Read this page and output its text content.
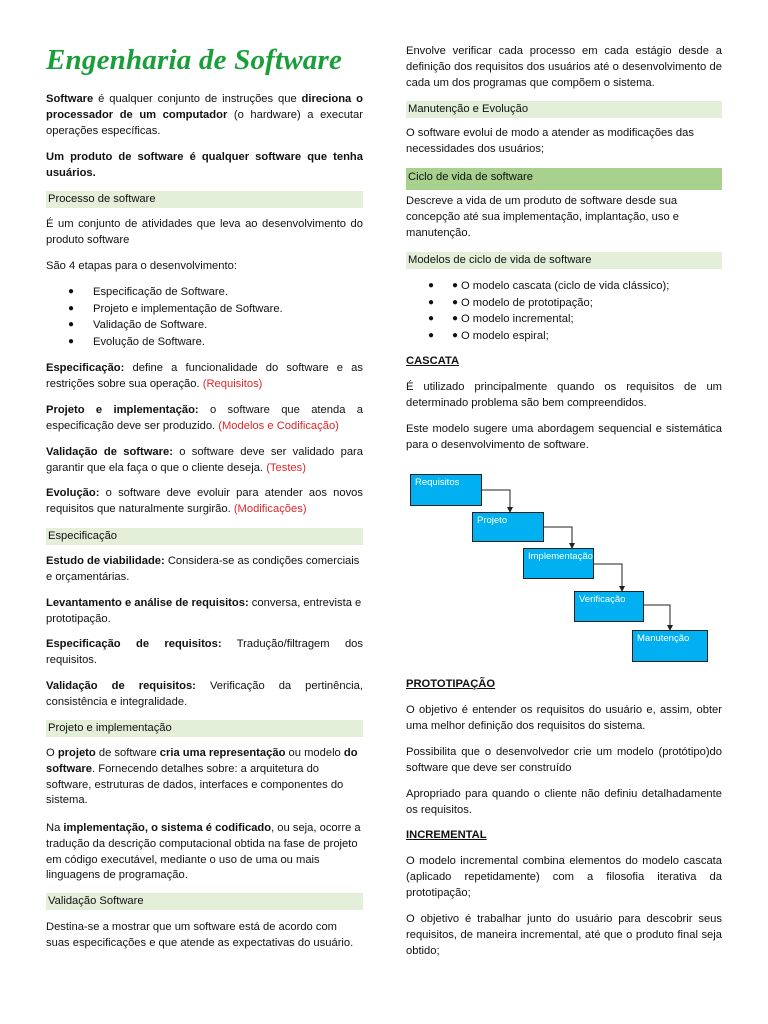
Engenharia de Software

Software é qualquer conjunto de instruções que direciona o processador de um computador (o hardware) a executar operações específicas.

Um produto de software é qualquer software que tenha usuários.

Processo de software

É um conjunto de atividades que leva ao desenvolvimento do produto software

São 4 etapas para o desenvolvimento:

● Especificação de Software.
● Projeto e implementação de Software.
● Validação de Software.
● Evolução de Software.

Especificação: define a funcionalidade do software e as restrições sobre sua operação. (Requisitos)

Projeto e implementação: o software que atenda a especificação deve ser produzido. (Modelos e Codificação)

Validação de software: o software deve ser validado para garantir que ela faça o que o cliente deseja. (Testes)

Evolução: o software deve evoluir para atender aos novos requisitos que naturalmente surgirão. (Modificações)

Especificação

Estudo de viabilidade: Considera-se as condições comerciais e orçamentárias.

Levantamento e análise de requisitos: conversa, entrevista e prototipação.

Especificação de requisitos: Tradução/filtragem dos requisitos.

Validação de requisitos: Verificação da pertinência, consistência e integralidade.

Projeto e implementação

O projeto de software cria uma representação ou modelo do software. Fornecendo detalhes sobre: a arquitetura do software, estruturas de dados, interfaces e componentes do sistema.

Na implementação, o sistema é codificado, ou seja, ocorre a tradução da descrição computacional obtida na fase de projeto em código executável, mediante o uso de uma ou mais linguagens de programação.

Validação Software

Destina-se a mostrar que um software está de acordo com suas especificações e que atende as expectativas do usuário.

Envolve verificar cada processo em cada estágio desde a definição dos requisitos dos usuários até o desenvolvimento de cada um dos programas que compõem o sistema.

Manutenção e Evolução

O software evolui de modo a atender as modificações das necessidades dos usuários;

Ciclo de vida de software

Descreve a vida de um produto de software desde sua concepção até sua implementação, implantação, uso e manutenção.

Modelos de ciclo de vida de software
● ● O modelo cascata (ciclo de vida clássico);
● ● O modelo de prototipação;
● ● O modelo incremental;
● ● O modelo espiral;

CASCATA

É utilizado principalmente quando os requisitos de um determinado problema são bem compreendidos.

Este modelo sugere uma abordagem sequencial e sistemática para o desenvolvimento de software.

PROTOTIPAÇÃO

O objetivo é entender os requisitos do usuário e, assim, obter uma melhor definição dos requisitos do sistema.

Possibilita que o desenvolvedor crie um modelo (protótipo)do software que deve ser construído

Apropriado para quando o cliente não definiu detalhadamente os requisitos.

INCREMENTAL

O modelo incremental combina elementos do modelo cascata (aplicado repetidamente) com a filosofia iterativa da prototipação;

O objetivo é trabalhar junto do usuário para descobrir seus requisitos, de maneira incremental, até que o produto final seja obtido;

Requisitos
Projeto
Implementação
Verificação
Manutenção
